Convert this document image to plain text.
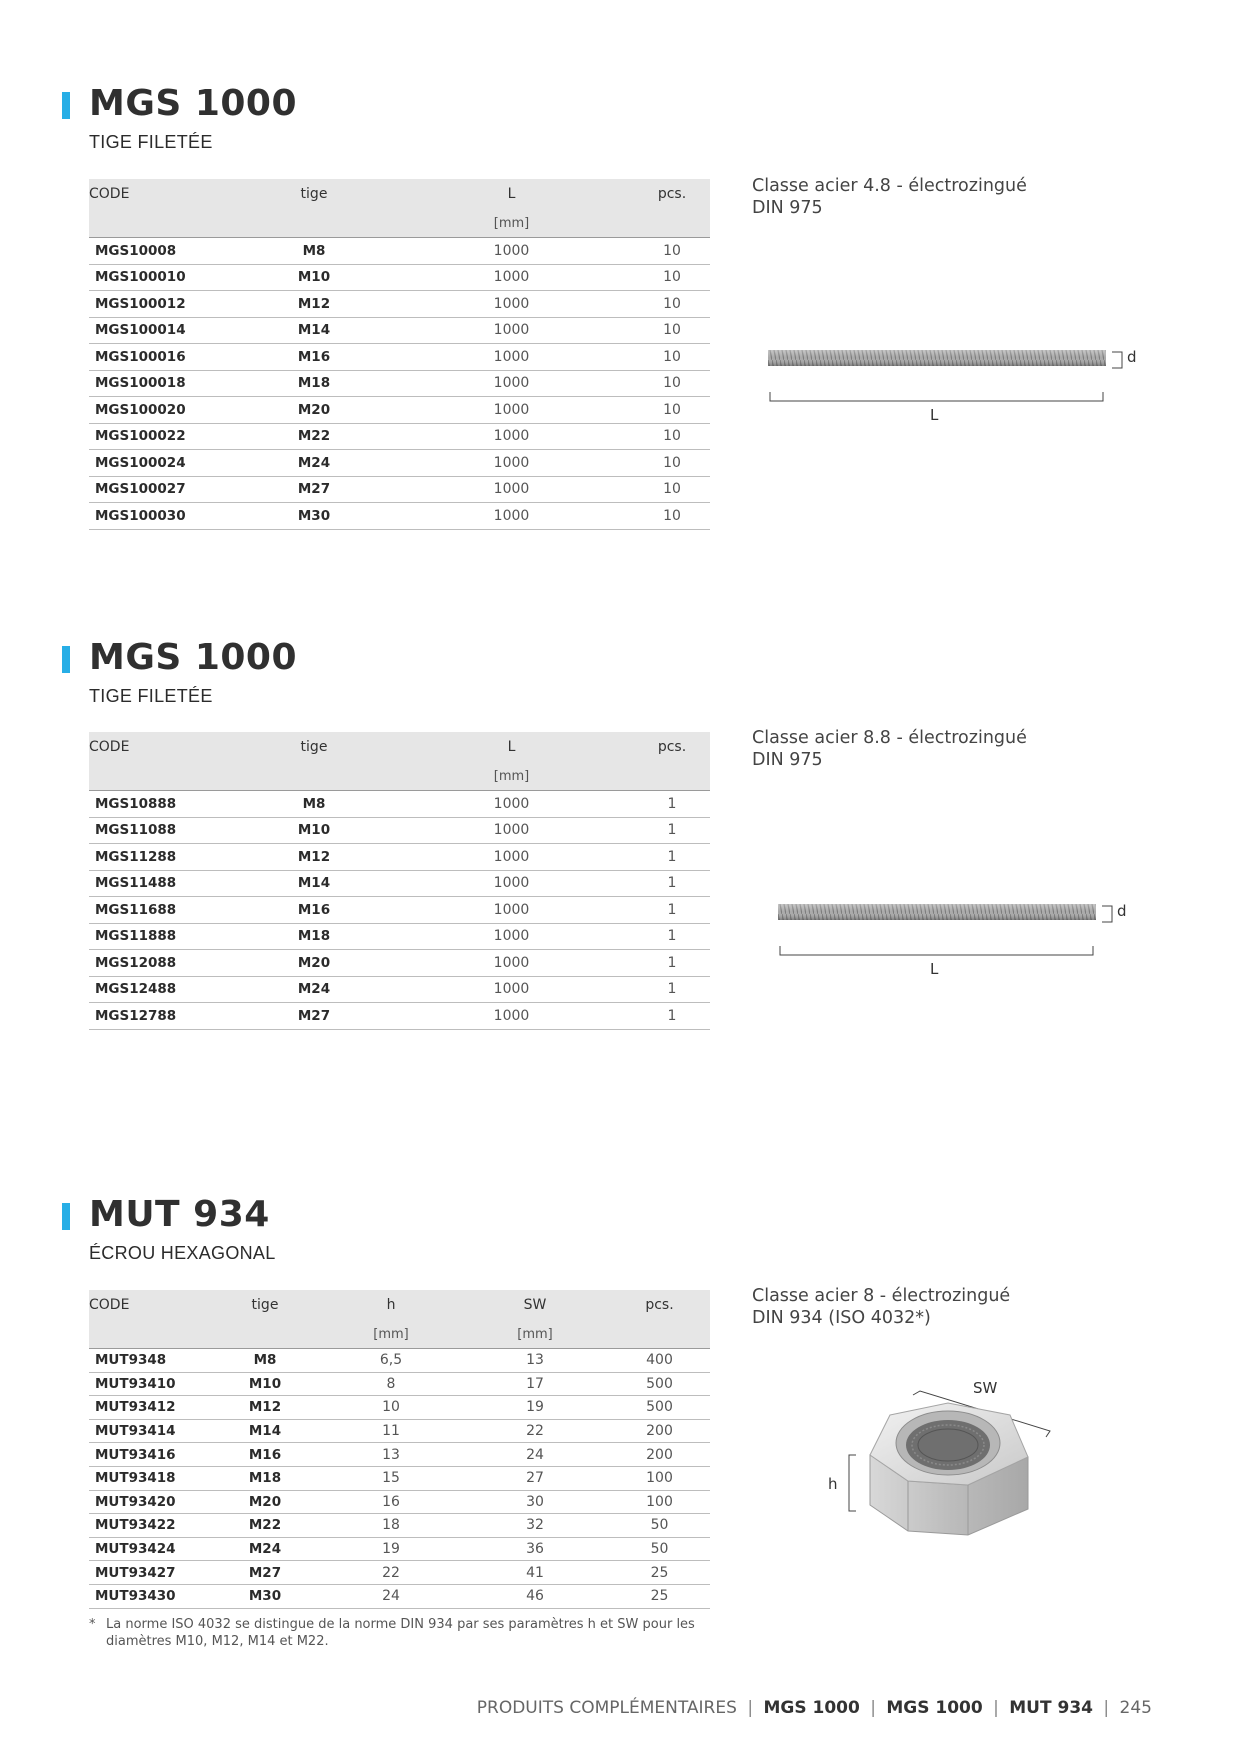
MGS 1000
TIGE FILETÉE
CODE	tige	L	pcs.
		[mm]	
MGS10008	M8	1000	10
MGS100010	M10	1000	10
MGS100012	M12	1000	10
MGS100014	M14	1000	10
MGS100016	M16	1000	10
MGS100018	M18	1000	10
MGS100020	M20	1000	10
MGS100022	M22	1000	10
MGS100024	M24	1000	10
MGS100027	M27	1000	10
MGS100030	M30	1000	10
Classe acier 4.8 - électrozingué
DIN 975
d
L
MGS 1000
TIGE FILETÉE
CODE	tige	L	pcs.
		[mm]	
MGS10888	M8	1000	1
MGS11088	M10	1000	1
MGS11288	M12	1000	1
MGS11488	M14	1000	1
MGS11688	M16	1000	1
MGS11888	M18	1000	1
MGS12088	M20	1000	1
MGS12488	M24	1000	1
MGS12788	M27	1000	1
Classe acier 8.8 - électrozingué
DIN 975
d
L
MUT 934
ÉCROU HEXAGONAL
CODE	tige	h	SW	pcs.
		[mm]	[mm]	
MUT9348	M8	6,5	13	400
MUT93410	M10	8	17	500
MUT93412	M12	10	19	500
MUT93414	M14	11	22	200
MUT93416	M16	13	24	200
MUT93418	M18	15	27	100
MUT93420	M20	16	30	100
MUT93422	M22	18	32	50
MUT93424	M24	19	36	50
MUT93427	M27	22	41	25
MUT93430	M30	24	46	25
Classe acier 8 - électrozingué
DIN 934 (ISO 4032*)
SW
h
* La norme ISO 4032 se distingue de la norme DIN 934 par ses paramètres h et SW pour les diamètres M10, M12, M14 et M22.
PRODUITS COMPLÉMENTAIRES | MGS 1000 | MGS 1000 | MUT 934 | 245
